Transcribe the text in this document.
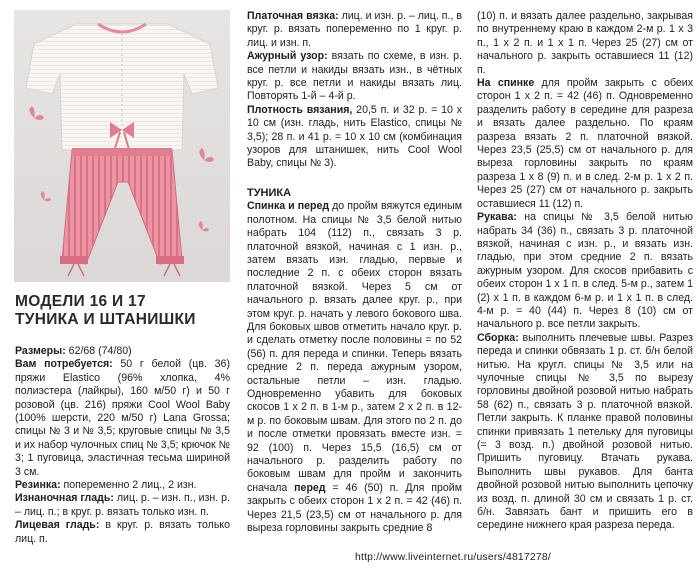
МОДЕЛИ 16 И 17
ТУНИКА И ШТАНИШКИ

Размеры: 62/68 (74/80)

Вам потребуется: 50 г белой (цв. 36) пряжи Elastico (96% хлопка, 4% полиэстера (лайкры), 160 м/50 г) и 50 г розовой (цв. 216) пряжи Cool Wool Baby (100% шерсти, 220 м/50 г) Lana Grossa; спицы № 3 и № 3,5; круговые спицы № 3,5 и их набор чулочных спиц № 3,5; крючок № 3; 1 пуговица, эластичная тесьма шириной 3 см.

Резинка: попеременно 2 лиц., 2 изн.

Изнаночная гладь: лиц. р. – изн. п., изн. р. – лиц. п.; в круг. р. вязать только изн. п.

Лицевая гладь: в круг. р. вязать только лиц. п.

Платочная вязка: лиц. и изн. р. – лиц. п., в круг. р. вязать попеременно по 1 круг. р. лиц. и изн. п.

Ажурный узор: вязать по схеме, в изн. р. все петли и накиды вязать изн., в чётных круг. р. все петли и накиды вязать лиц. Повторять 1-й – 4-й р.

Плотность вязания, 20,5 п. и 32 р. = 10 х 10 см (изн. гладь, нить Elastico, спицы № 3,5); 28 п. и 41 р. = 10 х 10 см (комбинация узоров для штанишек, нить Cool Wool Baby, спицы № 3).

ТУНИКА

Спинка и перед до пройм вяжутся единым полотном. На спицы № 3,5 белой нитью набрать 104 (112) п., связать 3 р. платочной вязкой, начиная с 1 изн. р., затем вязать изн. гладью, первые и последние 2 п. с обеих сторон вязать платочной вязкой. Через 5 см от начального р. вязать далее круг. р., при этом круг. р. начать у левого бокового шва. Для боковых швов отметить начало круг. р. и сделать отметку после половины = по 52 (56) п. для переда и спинки. Теперь вязать средние 2 п. переда ажурным узором, остальные петли – изн. гладью. Одновременно убавить для боковых скосов 1 х 2 п. в 1-м р., затем 2 х 2 п. в 12-м р. по боковым швам. Для этого по 2 п. до и после отметки провязать вместе изн. = 92 (100) п. Через 15,5 (16,5) см от начального р. разделить работу по боковым швам для пройм и закончить сначала перед = 46 (50) п. Для пройм закрыть с обеих сторон 1 х 2 п. = 42 (46) п. Через 21,5 (23,5) см от начального р. для выреза горловины закрыть средние 8

(10) п. и вязать далее раздельно, закрывая по внутреннему краю в каждом 2-м р. 1 х 3 п., 1 х 2 п. и 1 х 1 п. Через 25 (27) см от начального р. закрыть оставшиеся 11 (12) п.

На спинке для пройм закрыть с обеих сторон 1 х 2 п. = 42 (46) п. Одновременно разделить работу в середине для разреза и вязать далее раздельно. По краям разреза вязать 2 п. платочной вязкой. Через 23,5 (25,5) см от начального р. для выреза горловины закрыть по краям разреза 1 х 8 (9) п. и в след. 2-м р. 1 х 2 п. Через 25 (27) см от начального р. закрыть оставшиеся 11 (12) п.

Рукава: на спицы № 3,5 белой нитью набрать 34 (36) п., связать 3 р. платочной вязкой, начиная с изн. р., и вязать изн. гладью, при этом средние 2 п. вязать ажурным узором. Для скосов прибавить с обеих сторон 1 х 1 п. в след. 5-м р., затем 1 (2) х 1 п. в каждом 6-м р. и 1 х 1 п. в след. 4-м р. = 40 (44) п. Через 8 (10) см от начального р. все петли закрыть.

Сборка: выполнить плечевые швы. Разрез переда и спинки обвязать 1 р. ст. б/н белой нитью. На кругл. спицы № 3,5 или на чулочные спицы № 3,5 по вырезу горловины двойной розовой нитью набрать 58 (62) п., связать 3 р. платочной вязкой. Петли закрыть. К планке правой половины спинки привязать 1 петельку для пуговицы (= 3 возд. п.) двойной розовой нитью. Пришить пуговицу. Втачать рукава. Выполнить швы рукавов. Для банта двойной розовой нитью выполнить цепочку из возд. п. длиной 30 см и связать 1 р. ст. б/н. Завязать бант и пришить его в середине нижнего края разреза переда.

http://www.liveinternet.ru/users/4817278/
